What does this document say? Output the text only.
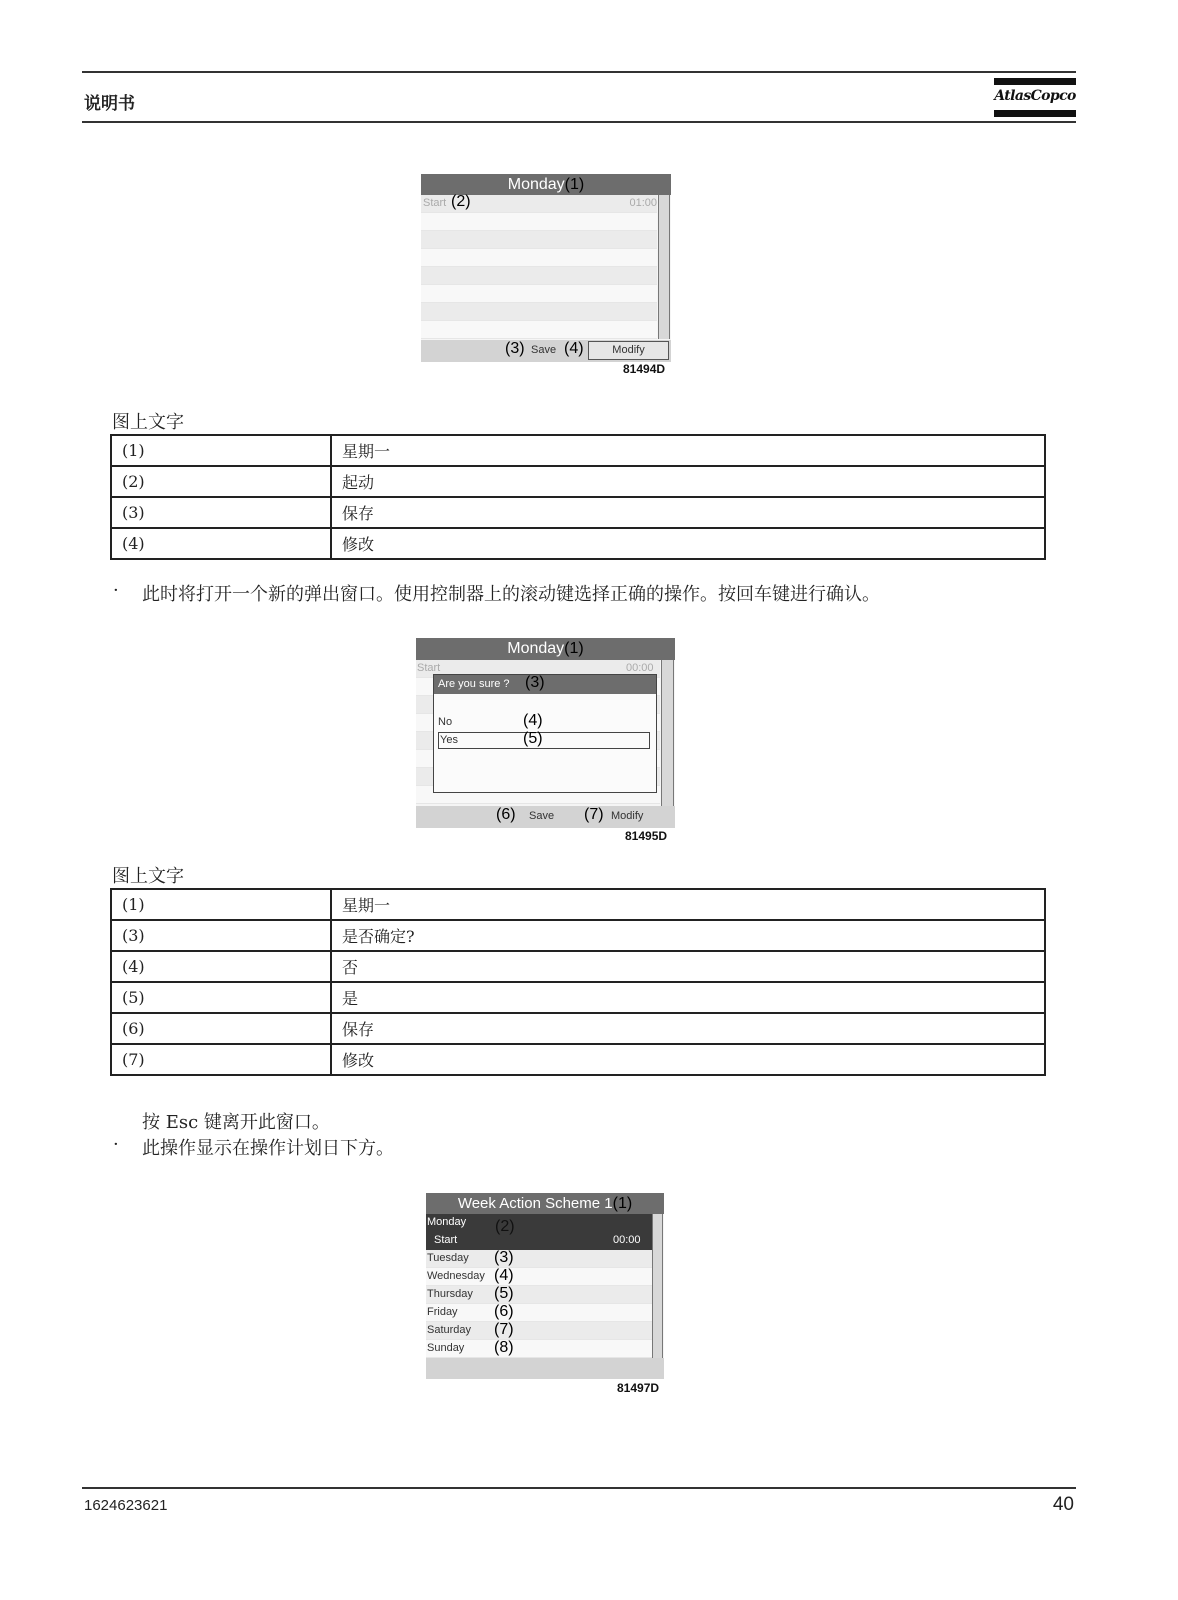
说明书	AtlasCopco
Monday(1)
Start (2)	01:00
(3) Save (4)	Modify
81494D
图上文字
(1)	星期一
(2)	起动
(3)	保存
(4)	修改
· 此时将打开一个新的弹出窗口。使用控制器上的滚动键选择正确的操作。按回车键进行确认。
Monday(1)
Start	00:00
Are you sure ? (3)
No	(4)
Yes	(5)
(6) Save (7) Modify
81495D
图上文字
(1)	星期一
(3)	是否确定?
(4)	否
(5)	是
(6)	保存
(7)	修改
按 Esc 键离开此窗口。
· 此操作显示在操作计划日下方。
Week Action Scheme 1(1)
Monday (2)
Start	00:00
Tuesday (3)
Wednesday (4)
Thursday (5)
Friday (6)
Saturday (7)
Sunday (8)
81497D
1624623621	40
